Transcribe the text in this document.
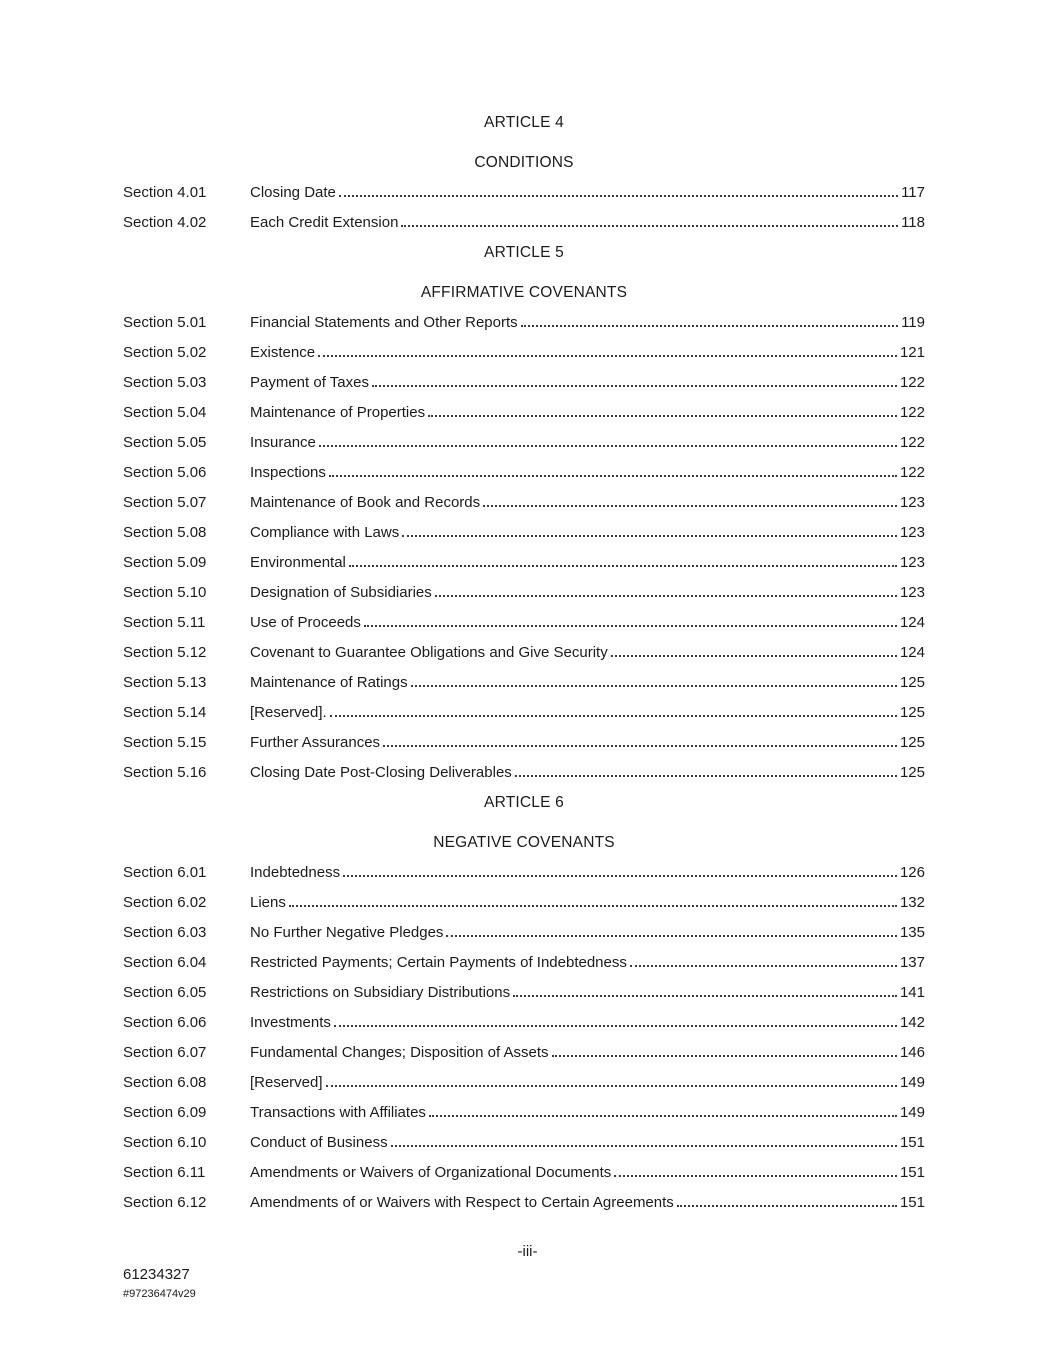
ARTICLE 4
CONDITIONS
Section 4.01	Closing Date	117
Section 4.02	Each Credit Extension	118
ARTICLE 5
AFFIRMATIVE COVENANTS
Section 5.01	Financial Statements and Other Reports	119
Section 5.02	Existence	121
Section 5.03	Payment of Taxes	122
Section 5.04	Maintenance of Properties	122
Section 5.05	Insurance	122
Section 5.06	Inspections	122
Section 5.07	Maintenance of Book and Records	123
Section 5.08	Compliance with Laws	123
Section 5.09	Environmental	123
Section 5.10	Designation of Subsidiaries	123
Section 5.11	Use of Proceeds	124
Section 5.12	Covenant to Guarantee Obligations and Give Security	124
Section 5.13	Maintenance of Ratings	125
Section 5.14	[Reserved].	125
Section 5.15	Further Assurances	125
Section 5.16	Closing Date Post-Closing Deliverables	125
ARTICLE 6
NEGATIVE COVENANTS
Section 6.01	Indebtedness	126
Section 6.02	Liens	132
Section 6.03	No Further Negative Pledges	135
Section 6.04	Restricted Payments; Certain Payments of Indebtedness	137
Section 6.05	Restrictions on Subsidiary Distributions	141
Section 6.06	Investments	142
Section 6.07	Fundamental Changes; Disposition of Assets	146
Section 6.08	[Reserved]	149
Section 6.09	Transactions with Affiliates	149
Section 6.10	Conduct of Business	151
Section 6.11	Amendments or Waivers of Organizational Documents	151
Section 6.12	Amendments of or Waivers with Respect to Certain Agreements	151
-iii-
61234327
#97236474v29
